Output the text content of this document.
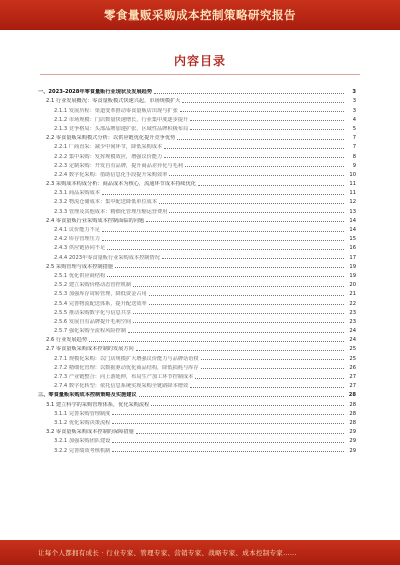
零食量贩采购成本控制策略研究报告
内容目录
一、2023-2028年零食量贩行业现状及发展趋势	3
2.1 行业发展概况：零食量贩模式快速兴起，市场规模扩大	3
2.1.1 发展历程：渠道变革推动零食量贩店出现与扩张	3
2.1.2 市场规模：门店数量快速增长，行业集中度逐步提升	4
2.1.3 竞争格局：头部品牌加速扩张，区域性品牌积极布局	5
2.2 零食量贩采购模式分析：以供应链优化提升竞争优势	7
2.2.1 厂商直采：减少中间环节，降低采购成本	7
2.2.2 集中采购：发挥规模效应，增强议价能力	8
2.2.3 定制采购：开发自有品牌，提升商品差异化与毛利	9
2.2.4 数字化采购：借助信息化手段提升采购效率	10
2.3 采购成本构成分析：商品成本为核心，流通环节成本持续优化	11
2.3.1 商品采购成本	11
2.3.2 物流仓储成本：集中配送降低单位成本	12
2.3.3 管理及其他成本：精细化管理压缩运营费用	13
2.4 零食量贩行业采购成本控制面临的问题	14
2.4.1 议价能力不足	14
2.4.2 库存管理压力	15
2.4.3 供应链协同不足	16
2.4.4 2023年零食量贩行业采购成本控制情况	17
2.5 采购管理与成本控制措施	19
2.5.1 优化供应商结构	19
2.5.2 建立采购价格动态管控机制	20
2.5.3 加强库存周转管理，降低资金占用	21
2.5.4 完善物流配送体系，提升配送效率	22
2.5.5 推动采购数字化与信息共享	23
2.5.6 发展自有品牌提升毛利空间	23
2.5.7 强化采购全流程风险控制	24
2.6 行业发展趋势	24
2.7 零食量贩采购成本控制的发展方向	25
2.7.1 规模化采购：以门店规模扩大增强议价能力与品牌话语权	25
2.7.2 精细化管理：以数据驱动优化商品结构，降低损耗与库存	26
2.7.3 产业链整合：向上游延伸，布局生产加工环节控制成本	27
2.7.4 数字化转型：依托信息系统实现采购全链路降本增效	27
三、零食量贩采购成本控制策略及实施建议	28
3.1 建立科学的采购管理体系，优化采购流程	28
3.1.1 完善采购管理制度	28
3.1.2 优化采购决策流程	28
3.2 零食量贩采购成本控制的保障措施	29
3.2.1 加强采购团队建设	29
3.2.2 完善绩效考核机制	29
让每个人都拥有成长 · 行业专家、管理专家、营销专家、战略专家、成本控制专家……
